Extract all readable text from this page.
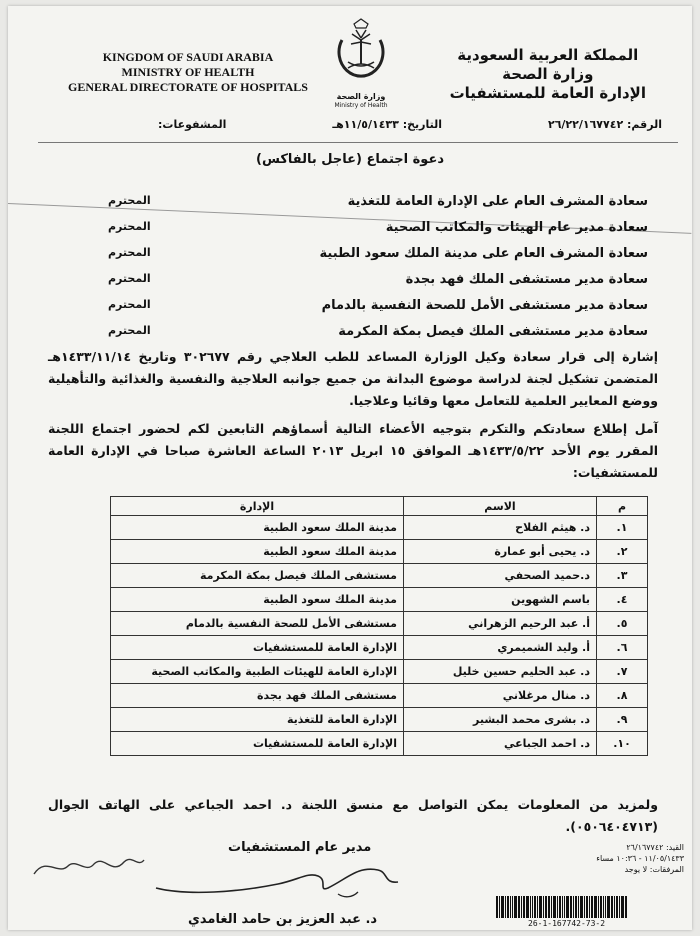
KINGDOM OF SAUDI ARABIA
MINISTRY OF HEALTH
GENERAL DIRECTORATE OF HOSPITALS
وزارة الصحة
Ministry of Health
المملكة العربية السعودية
وزارة الصحة
الإدارة العامة للمستشفيات
الرقم: ٢٦/٢٢/١٦٧٧٤٢
التاريخ: ١١/٥/١٤٣٣هـ
المشفوعات:
دعوة اجتماع (عاجل بالفاكس)
سعادة المشرف العام على الإدارة العامة للتغذية
المحترم
سعادة مدير عام الهيئات والمكاتب الصحية
المحترم
سعادة المشرف العام على مدينة الملك سعود الطبية
المحترم
سعادة مدير مستشفى الملك فهد بجدة
المحترم
سعادة مدير مستشفى الأمل للصحة النفسية بالدمام
المحترم
سعادة مدير مستشفى الملك فيصل بمكة المكرمة
المحترم
إشارة إلى قرار سعادة وكيل الوزارة المساعد للطب العلاجي رقم ٣٠٢٦٧٧ وتاريخ ١٤٣٣/١١/١٤هـ المتضمن تشكيل لجنة لدراسة موضوع البدانة من جميع جوانبه العلاجية والنفسية والغذائية والتأهيلية ووضع المعايير العلمية للتعامل معها وقائيا وعلاجيا.
آمل إطلاع سعادتكم والتكرم بتوجيه الأعضاء التالية أسماؤهم التابعين لكم لحضور اجتماع اللجنة المقرر يوم الأحد ١٤٣٣/٥/٢٢هـ الموافق ١٥ ابريل ٢٠١٣ الساعة العاشرة صباحا في الإدارة العامة للمستشفيات:
م	الاسم	الإدارة
١.	د. هيثم الفلاح	مدينة الملك سعود الطبية
٢.	د. يحيى أبو عمارة	مدينة الملك سعود الطبية
٣.	د.حميد الصحفي	مستشفى الملك فيصل بمكة المكرمة
٤.	باسم الشهوين	مدينة الملك سعود الطبية
٥.	أ. عبد الرحيم الزهراني	مستشفى الأمل للصحة النفسية بالدمام
٦.	أ. وليد الشميمري	الإدارة العامة للمستشفيات
٧.	د. عبد الحليم حسين خليل	الإدارة العامة للهيئات الطبية والمكاتب الصحية
٨.	د. منال مرغلاني	مستشفى الملك فهد بجدة
٩.	د. بشرى محمد البشير	الإدارة العامة للتغذية
١٠.	د. احمد الجباعي	الإدارة العامة للمستشفيات
ولمزيد من المعلومات يمكن التواصل مع منسق اللجنة د. احمد الجباعي على الهاتف الجوال (٠٥٠٦٤٠٤٧١٣).
مدير عام المستشفيات
د. عبد العزيز بن حامد الغامدي
القيد: ٢٦/١٦٧٧٤٢
١١/٠٥/١٤٣٣ - ١٠:٣٦ مساء
المرفقات: لا يوجد
26-1-167742-73-2
